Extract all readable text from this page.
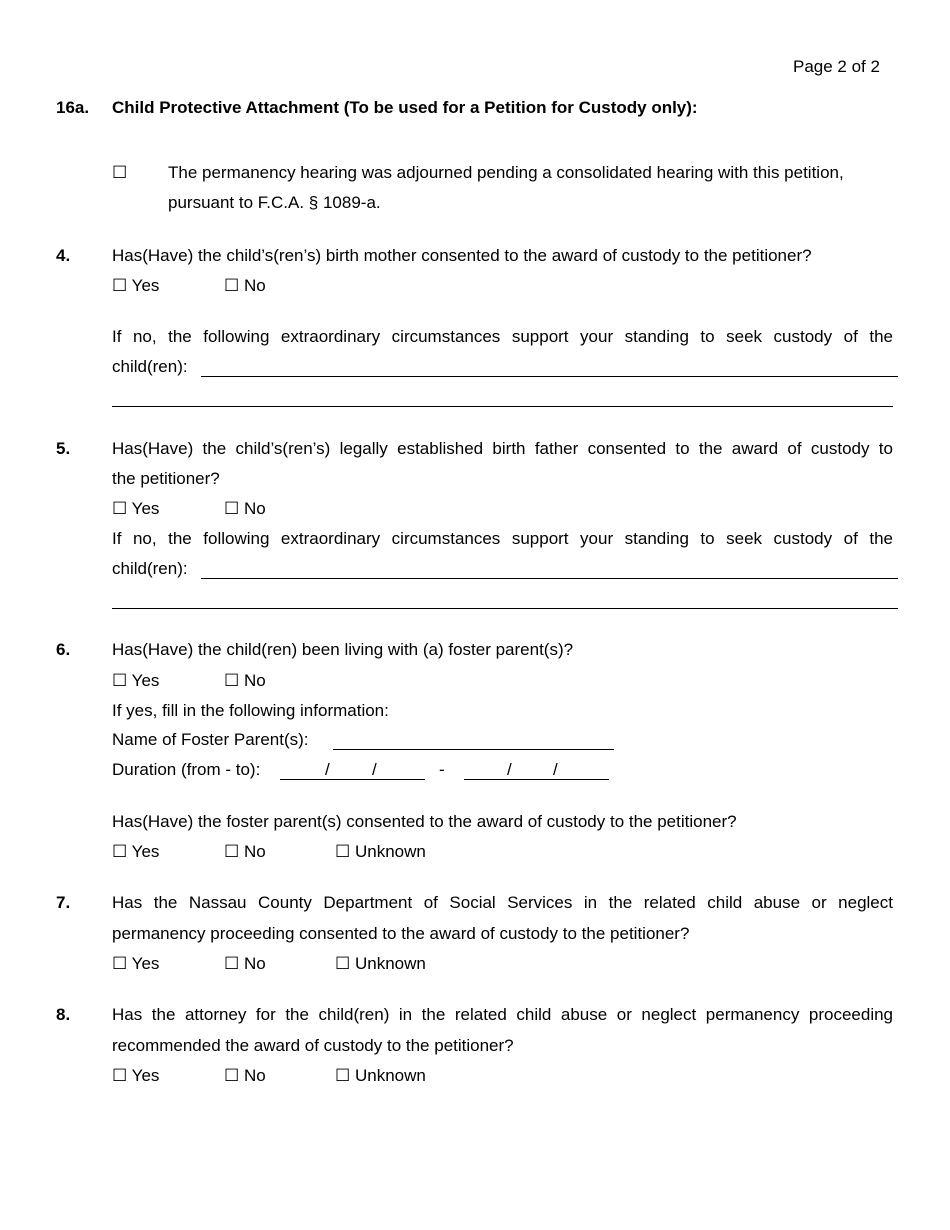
Page 2 of 2
16a. Child Protective Attachment (To be used for a Petition for Custody only):
☐ The permanency hearing was adjourned pending a consolidated hearing with this petition,
pursuant to F.C.A. § 1089-a.
4. Has(Have) the child’s(ren’s) birth mother consented to the award of custody to the petitioner?
☐ Yes	☐ No
If no, the following extraordinary circumstances support your standing to seek custody of the
child(ren):
5. Has(Have) the child’s(ren’s) legally established birth father consented to the award of custody to
the petitioner?
☐ Yes	☐ No
If no, the following extraordinary circumstances support your standing to seek custody of the
child(ren):
6. Has(Have) the child(ren) been living with (a) foster parent(s)?
☐ Yes	☐ No
If yes, fill in the following information:
Name of Foster Parent(s):
Duration (from - to):	/ /	-	/ /
Has(Have) the foster parent(s) consented to the award of custody to the petitioner?
☐ Yes	☐ No	☐ Unknown
7. Has the Nassau County Department of Social Services in the related child abuse or neglect
permanency proceeding consented to the award of custody to the petitioner?
☐ Yes	☐ No	☐ Unknown
8. Has the attorney for the child(ren) in the related child abuse or neglect permanency proceeding
recommended the award of custody to the petitioner?
☐ Yes	☐ No	☐ Unknown
